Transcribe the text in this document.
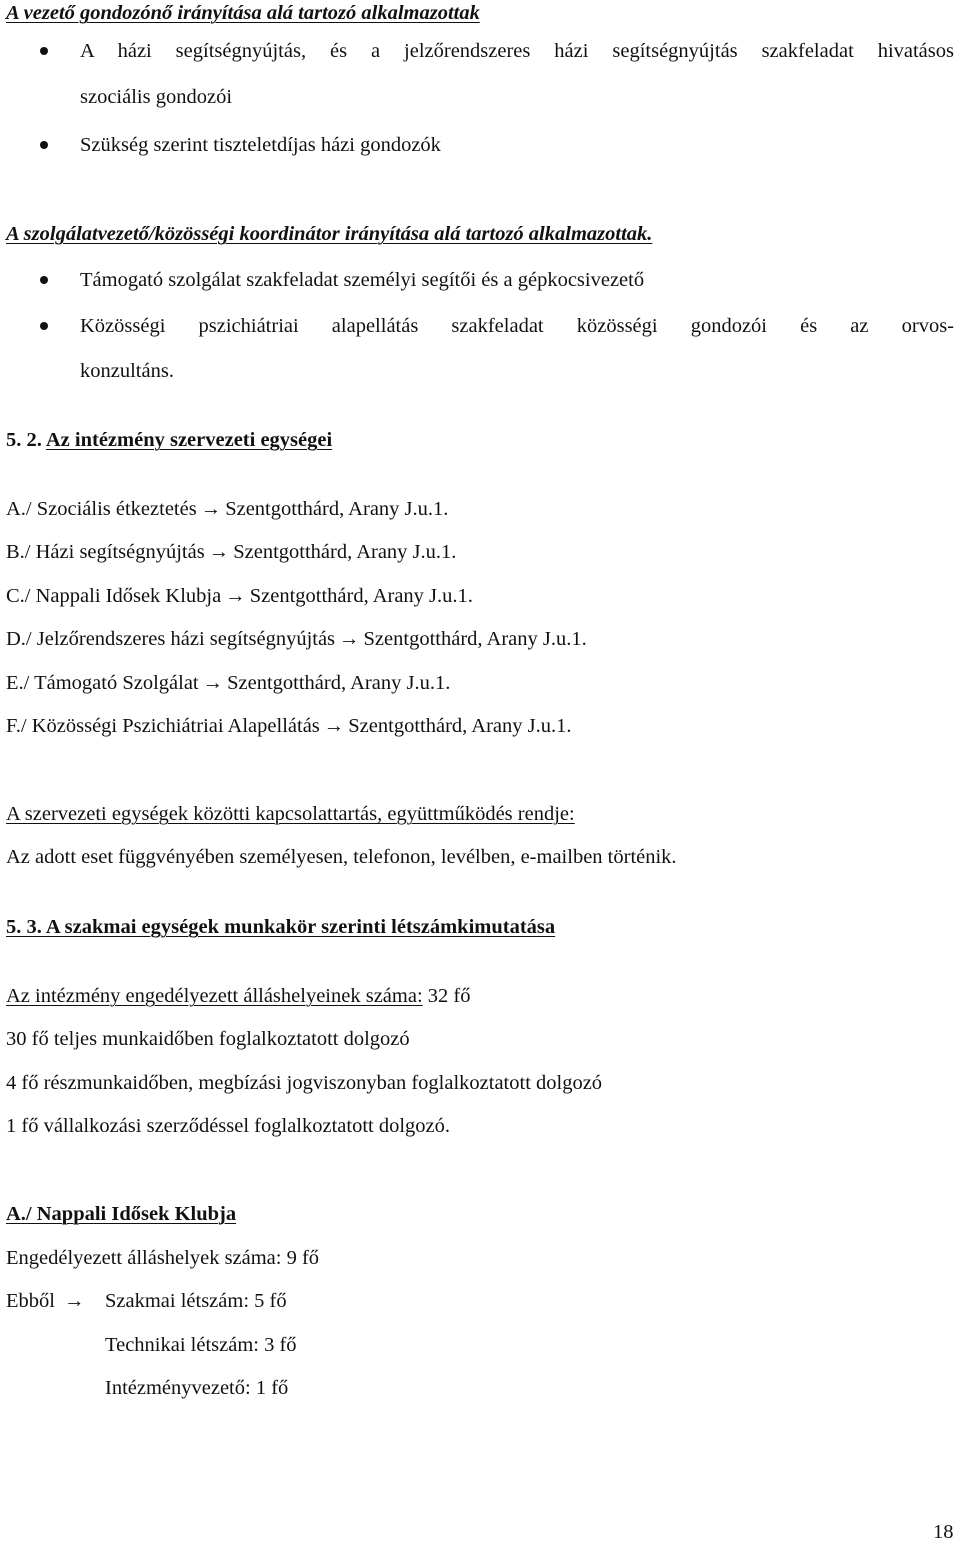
A vezető gondozónő irányítása alá tartozó alkalmazottak
A házi segítségnyújtás, és a jelzőrendszeres házi segítségnyújtás szakfeladat hivatásos
szociális gondozói
Szükség szerint tiszteletdíjas házi gondozók
A szolgálatvezető/közösségi koordinátor irányítása alá tartozó alkalmazottak.
Támogató szolgálat szakfeladat személyi segítői és a gépkocsivezető
Közösségi pszichiátriai alapellátás szakfeladat közösségi gondozói és az orvos-
konzultáns.
5. 2. Az intézmény szervezeti egységei
A./ Szociális étkeztetés → Szentgotthárd, Arany J.u.1.
B./ Házi segítségnyújtás → Szentgotthárd, Arany J.u.1.
C./ Nappali Idősek Klubja → Szentgotthárd, Arany J.u.1.
D./ Jelzőrendszeres házi segítségnyújtás → Szentgotthárd, Arany J.u.1.
E./ Támogató Szolgálat → Szentgotthárd, Arany J.u.1.
F./ Közösségi Pszichiátriai Alapellátás → Szentgotthárd, Arany J.u.1.
A szervezeti egységek közötti kapcsolattartás, együttműködés rendje:
Az adott eset függvényében személyesen, telefonon, levélben, e-mailben történik.
5. 3. A szakmai egységek munkakör szerinti létszámkimutatása
Az intézmény engedélyezett álláshelyeinek száma: 32 fő
30 fő teljes munkaidőben foglalkoztatott dolgozó
4 fő részmunkaidőben, megbízási jogviszonyban foglalkoztatott dolgozó
1 fő vállalkozási szerződéssel foglalkoztatott dolgozó.
A./ Nappali Idősek Klubja
Engedélyezett álláshelyek száma: 9 fő
Ebből → Szakmai létszám: 5 fő
Technikai létszám: 3 fő
Intézményvezető: 1 fő
18
